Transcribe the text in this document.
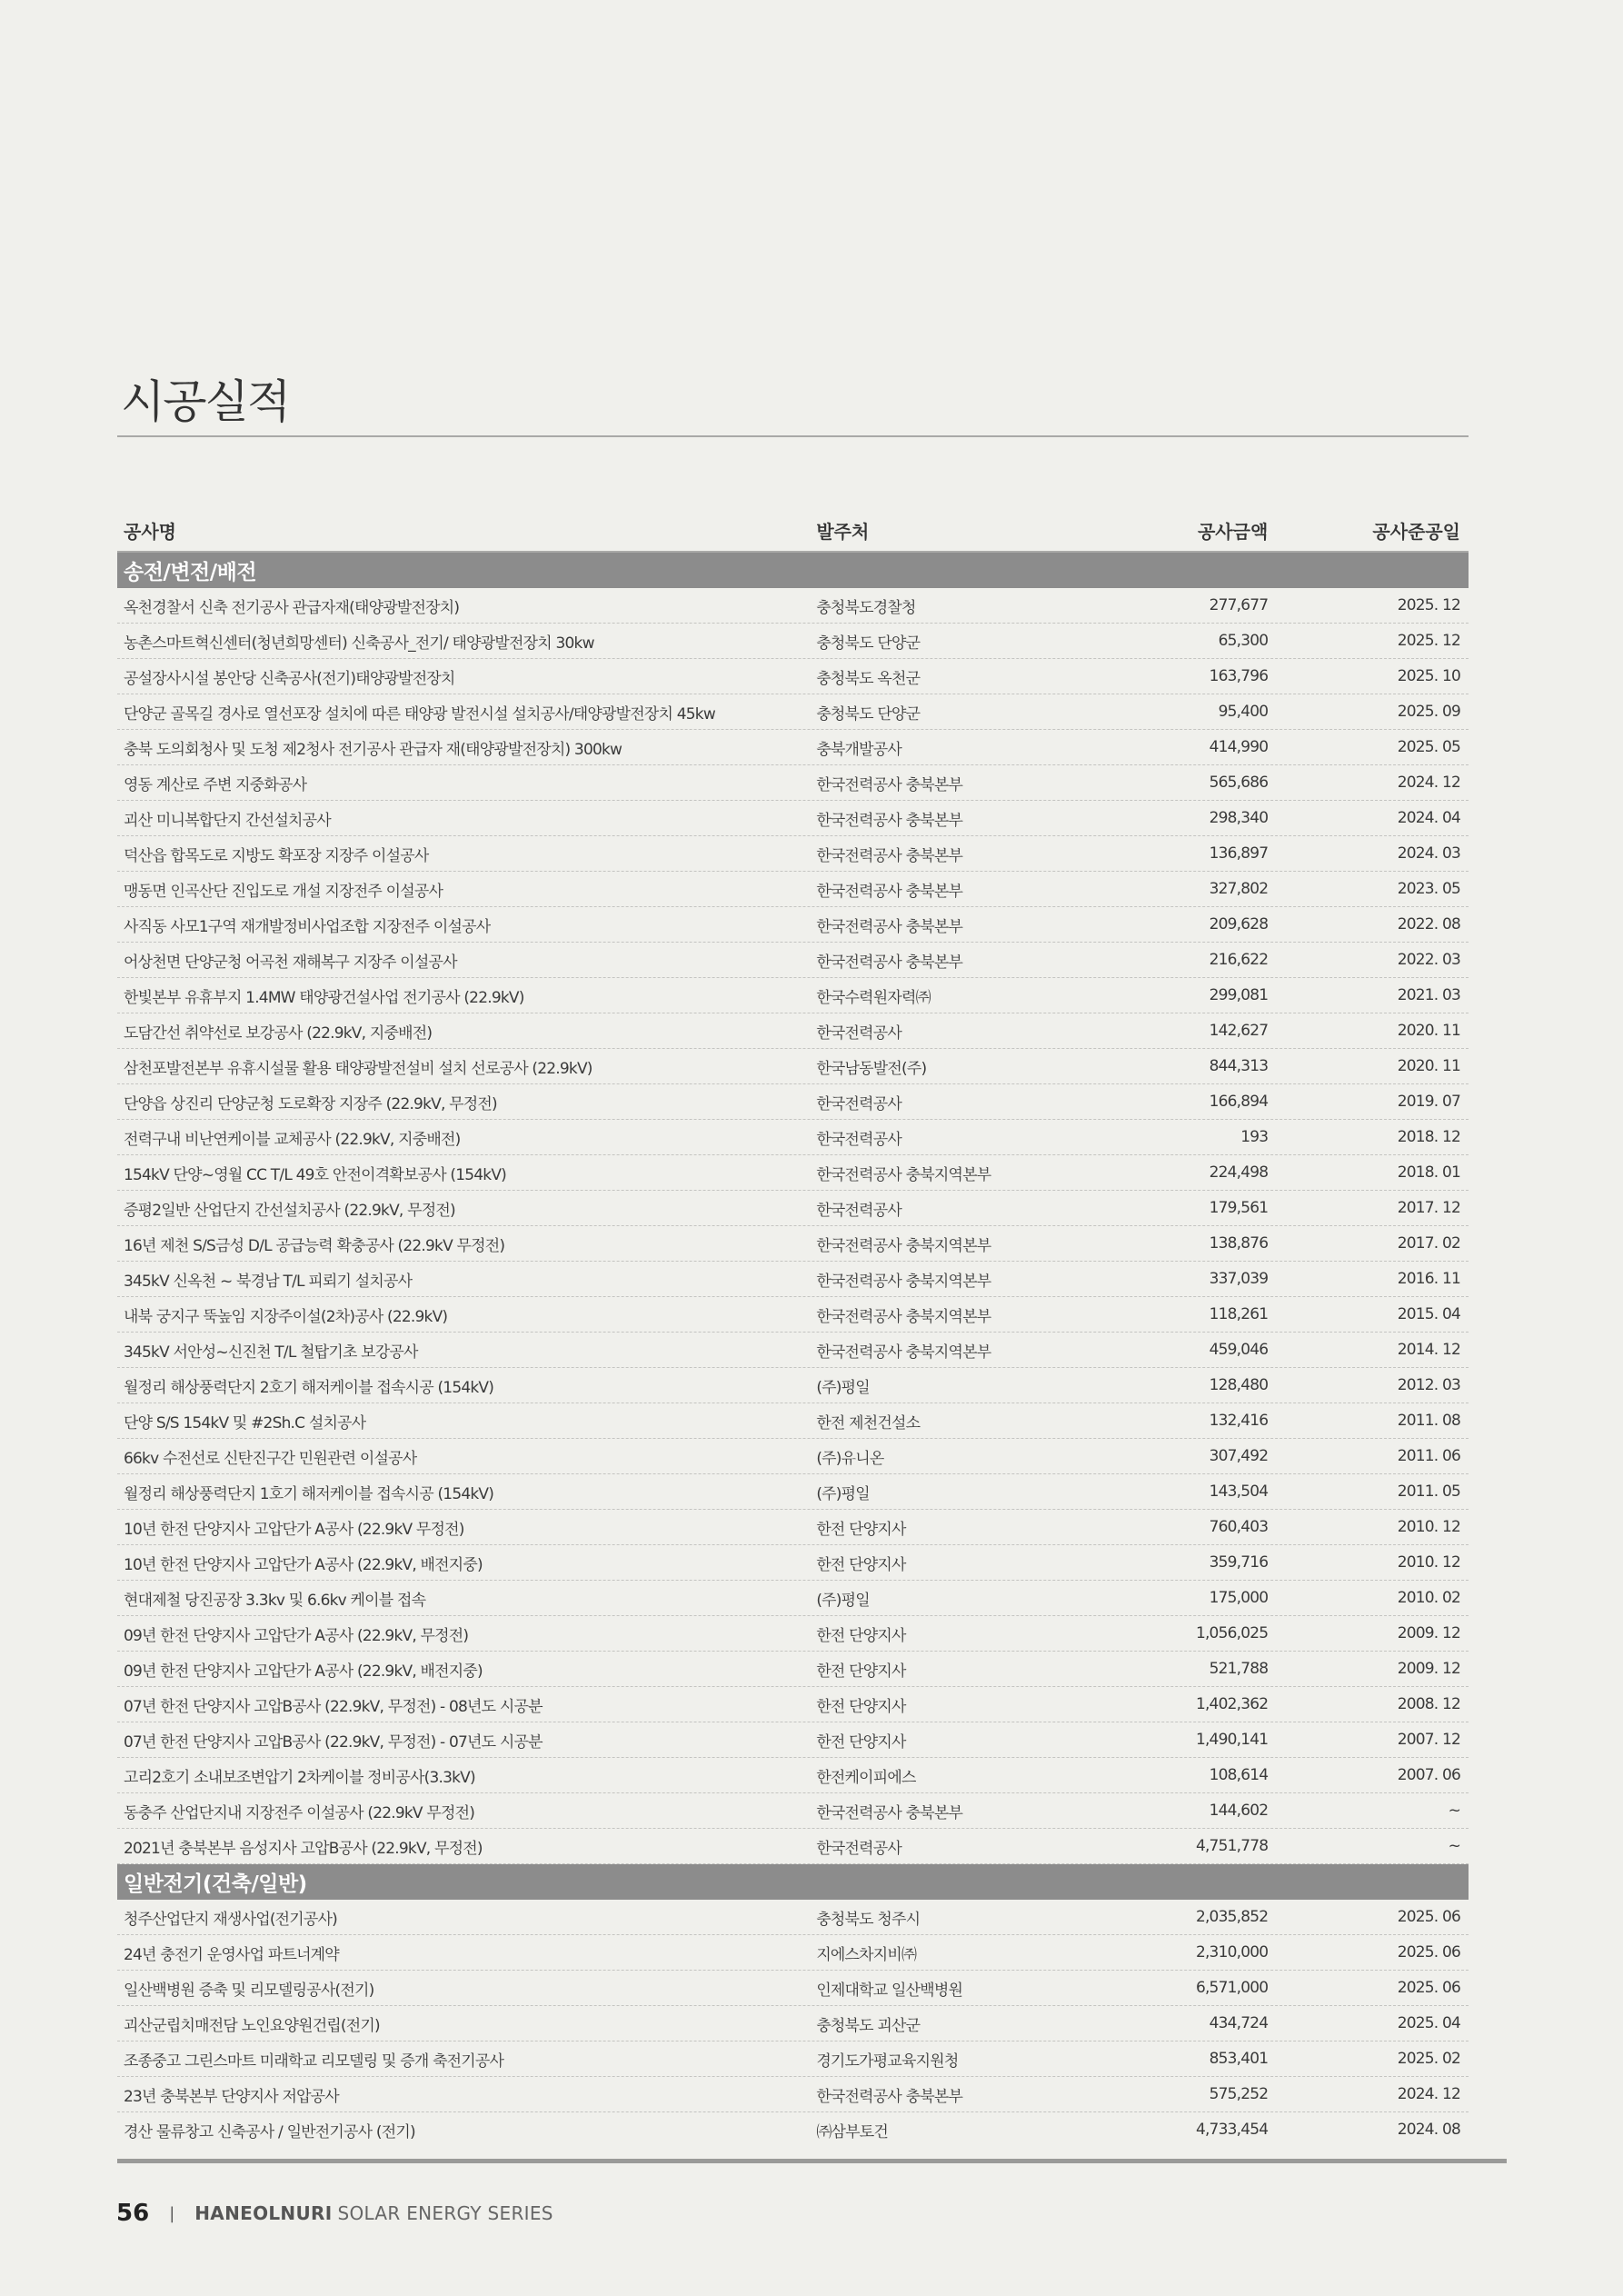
시공실적
공사명	발주처	공사금액	공사준공일
송전/변전/배전
옥천경찰서 신축 전기공사 관급자재(태양광발전장치)	충청북도경찰청	277,677	2025. 12
농촌스마트혁신센터(청년희망센터) 신축공사_전기/ 태양광발전장치 30kw	충청북도 단양군	65,300	2025. 12
공설장사시설 봉안당 신축공사(전기)태양광발전장치	충청북도 옥천군	163,796	2025. 10
단양군 골목길 경사로 열선포장 설치에 따른 태양광 발전시설 설치공사/태양광발전장치 45kw	충청북도 단양군	95,400	2025. 09
충북 도의회청사 및 도청 제2청사 전기공사 관급자 재(태양광발전장치) 300kw	충북개발공사	414,990	2025. 05
영동 계산로 주변 지중화공사	한국전력공사 충북본부	565,686	2024. 12
괴산 미니복합단지 간선설치공사	한국전력공사 충북본부	298,340	2024. 04
덕산읍 합목도로 지방도 확포장 지장주 이설공사	한국전력공사 충북본부	136,897	2024. 03
맹동면 인곡산단 진입도로 개설 지장전주 이설공사	한국전력공사 충북본부	327,802	2023. 05
사직동 사모1구역 재개발정비사업조합 지장전주 이설공사	한국전력공사 충북본부	209,628	2022. 08
어상천면 단양군청 어곡천 재해복구 지장주 이설공사	한국전력공사 충북본부	216,622	2022. 03
한빛본부 유휴부지 1.4MW 태양광건설사업 전기공사 (22.9kV)	한국수력원자력㈜	299,081	2021. 03
도담간선 취약선로 보강공사 (22.9kV, 지중배전)	한국전력공사	142,627	2020. 11
삼천포발전본부 유휴시설물 활용 태양광발전설비 설치 선로공사 (22.9kV)	한국남동발전(주)	844,313	2020. 11
단양읍 상진리 단양군청 도로확장 지장주 (22.9kV, 무정전)	한국전력공사	166,894	2019. 07
전력구내 비난연케이블 교체공사 (22.9kV, 지중배전)	한국전력공사	193	2018. 12
154kV 단양~영월 CC T/L 49호 안전이격확보공사 (154kV)	한국전력공사 충북지역본부	224,498	2018. 01
증평2일반 산업단지 간선설치공사 (22.9kV, 무정전)	한국전력공사	179,561	2017. 12
16년 제천 S/S금성 D/L 공급능력 확충공사 (22.9kV 무정전)	한국전력공사 충북지역본부	138,876	2017. 02
345kV 신옥천 ~ 북경남 T/L 피뢰기 설치공사	한국전력공사 충북지역본부	337,039	2016. 11
내북 궁지구 뚝높임 지장주이설(2차)공사 (22.9kV)	한국전력공사 충북지역본부	118,261	2015. 04
345kV 서안성~신진천 T/L 철탑기초 보강공사	한국전력공사 충북지역본부	459,046	2014. 12
월정리 해상풍력단지 2호기 해저케이블 접속시공 (154kV)	(주)평일	128,480	2012. 03
단양 S/S 154kV 및 #2Sh.C 설치공사	한전 제천건설소	132,416	2011. 08
66kv 수전선로 신탄진구간 민원관련 이설공사	(주)유니온	307,492	2011. 06
월정리 해상풍력단지 1호기 해저케이블 접속시공 (154kV)	(주)평일	143,504	2011. 05
10년 한전 단양지사 고압단가 A공사 (22.9kV 무정전)	한전 단양지사	760,403	2010. 12
10년 한전 단양지사 고압단가 A공사 (22.9kV, 배전지중)	한전 단양지사	359,716	2010. 12
현대제철 당진공장 3.3kv 및 6.6kv 케이블 접속	(주)평일	175,000	2010. 02
09년 한전 단양지사 고압단가 A공사 (22.9kV, 무정전)	한전 단양지사	1,056,025	2009. 12
09년 한전 단양지사 고압단가 A공사 (22.9kV, 배전지중)	한전 단양지사	521,788	2009. 12
07년 한전 단양지사 고압B공사 (22.9kV, 무정전) - 08년도 시공분	한전 단양지사	1,402,362	2008. 12
07년 한전 단양지사 고압B공사 (22.9kV, 무정전) - 07년도 시공분	한전 단양지사	1,490,141	2007. 12
고리2호기 소내보조변압기 2차케이블 정비공사(3.3kV)	한전케이피에스	108,614	2007. 06
동충주 산업단지내 지장전주 이설공사 (22.9kV 무정전)	한국전력공사 충북본부	144,602	~
2021년 충북본부 음성지사 고압B공사 (22.9kV, 무정전)	한국전력공사	4,751,778	~
일반전기(건축/일반)
청주산업단지 재생사업(전기공사)	충청북도 청주시	2,035,852	2025. 06
24년 충전기 운영사업 파트너계약	지에스차지비㈜	2,310,000	2025. 06
일산백병원 증축 및 리모델링공사(전기)	인제대학교 일산백병원	6,571,000	2025. 06
괴산군립치매전담 노인요양원건립(전기)	충청북도 괴산군	434,724	2025. 04
조종중고 그린스마트 미래학교 리모델링 및 증개 축전기공사	경기도가평교육지원청	853,401	2025. 02
23년 충북본부 단양지사 저압공사	한국전력공사 충북본부	575,252	2024. 12
경산 물류창고 신축공사 / 일반전기공사 (전기)	㈜삼부토건	4,733,454	2024. 08
56 | HANEOLNURI SOLAR ENERGY SERIES
